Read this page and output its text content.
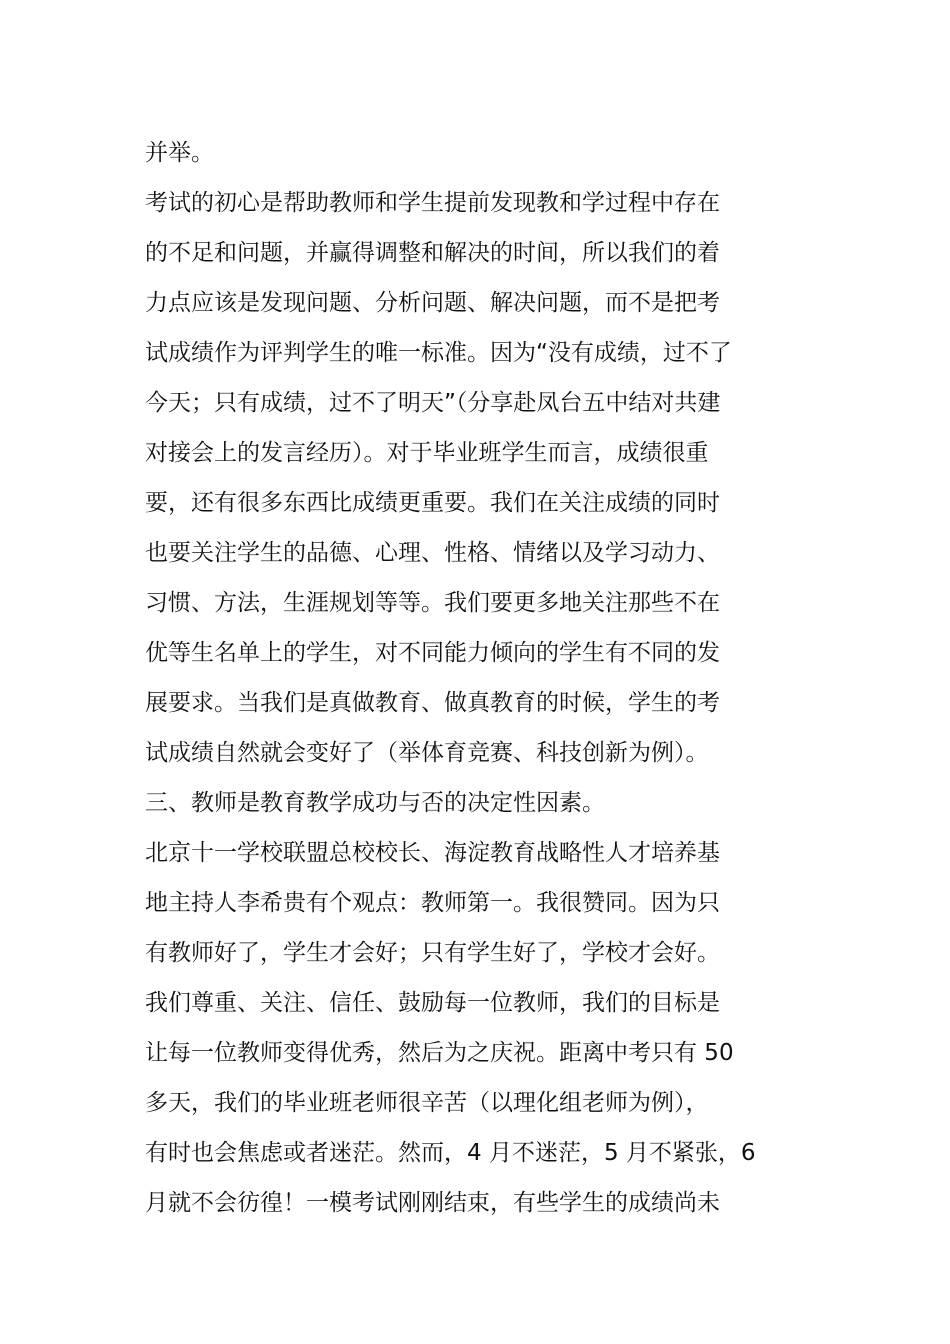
并举。
考试的初心是帮助教师和学生提前发现教和学过程中存在
的不足和问题，并赢得调整和解决的时间，所以我们的着
力点应该是发现问题、分析问题、解决问题，而不是把考
试成绩作为评判学生的唯一标准。因为“没有成绩，过不了
今天；只有成绩，过不了明天”（分享赴凤台五中结对共建
对接会上的发言经历）。对于毕业班学生而言，成绩很重
要，还有很多东西比成绩更重要。我们在关注成绩的同时
也要关注学生的品德、心理、性格、情绪以及学习动力、
习惯、方法，生涯规划等等。我们要更多地关注那些不在
优等生名单上的学生，对不同能力倾向的学生有不同的发
展要求。当我们是真做教育、做真教育的时候，学生的考
试成绩自然就会变好了（举体育竞赛、科技创新为例）。
三、教师是教育教学成功与否的决定性因素。
北京十一学校联盟总校校长、海淀教育战略性人才培养基
地主持人李希贵有个观点：教师第一。我很赞同。因为只
有教师好了，学生才会好；只有学生好了，学校才会好。
我们尊重、关注、信任、鼓励每一位教师，我们的目标是
让每一位教师变得优秀，然后为之庆祝。距离中考只有 50
多天，我们的毕业班老师很辛苦（以理化组老师为例），
有时也会焦虑或者迷茫。然而，4 月不迷茫，5 月不紧张，6
月就不会彷徨！一模考试刚刚结束，有些学生的成绩尚未
